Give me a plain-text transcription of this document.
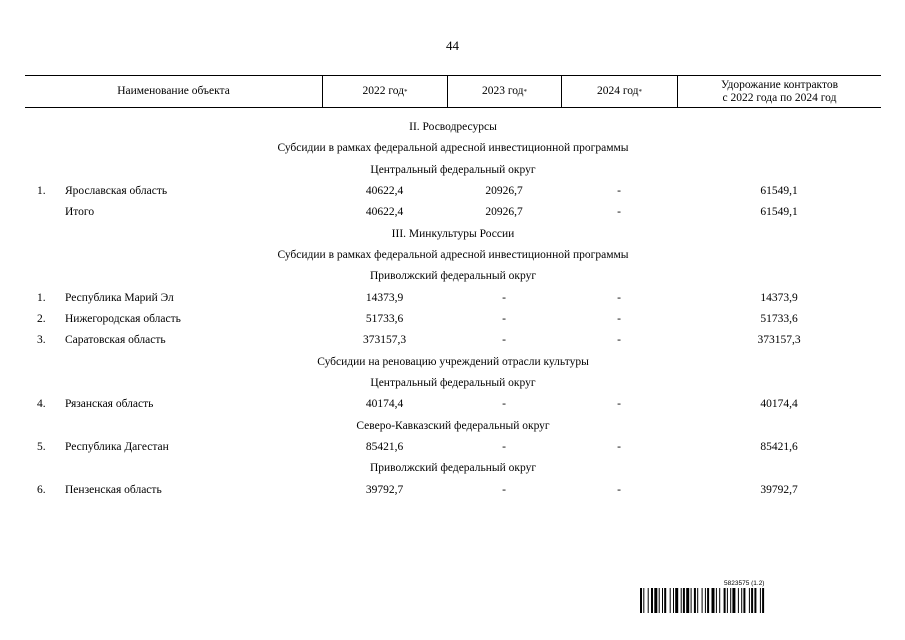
44
Наименование объекта	2022 год *	2023 год *	2024 год *
Удорожание контрактов
с 2022 года по 2024 год
II. Росводресурсы
Субсидии в рамках федеральной адресной инвестиционной программы
Центральный федеральный округ
1. Ярославская область	40622,4	20926,7	-	61549,1
Итого	40622,4	20926,7	-	61549,1
III. Минкультуры России
Субсидии в рамках федеральной адресной инвестиционной программы
Приволжский федеральный округ
1. Республика Марий Эл	14373,9	-	-	14373,9
2. Нижегородская область	51733,6	-	-	51733,6
3. Саратовская область	373157,3	-	-	373157,3
Субсидии на реновацию учреждений отрасли культуры
Центральный федеральный округ
4. Рязанская область	40174,4	-	-	40174,4
Северо-Кавказский федеральный округ
5. Республика Дагестан	85421,6	-	-	85421,6
Приволжский федеральный округ
6. Пензенская область	39792,7	-	-	39792,7
5823575 (1.2)
